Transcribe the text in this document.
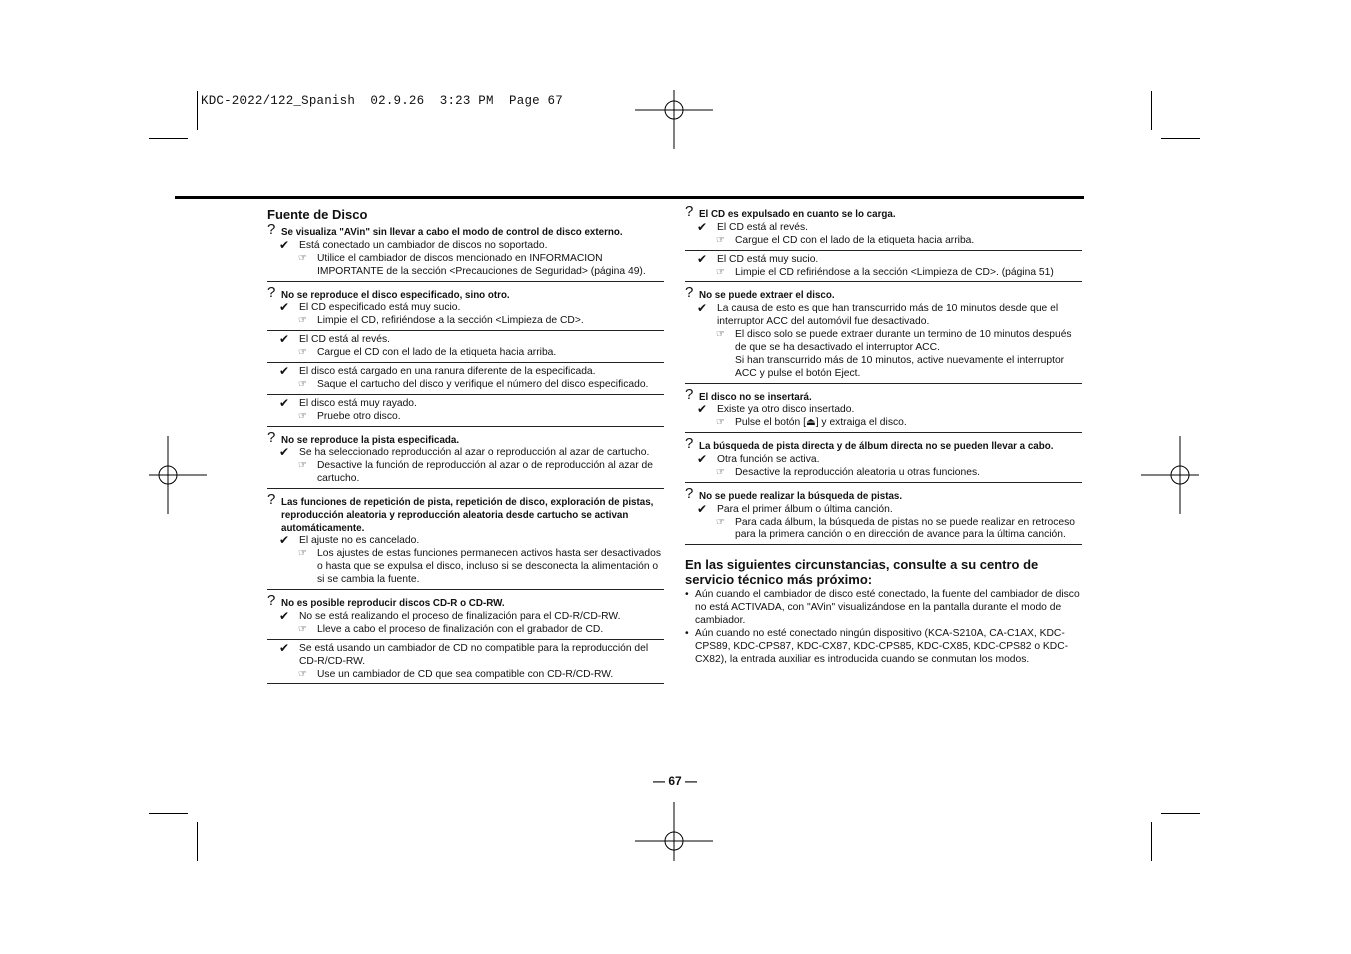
KDC-2022/122_Spanish  02.9.26  3:23 PM  Page 67
Fuente de Disco
? Se visualiza "AVin" sin llevar a cabo el modo de control de disco externo.
✔ Está conectado un cambiador de discos no soportado.
☞ Utilice el cambiador de discos mencionado en INFORMACION IMPORTANTE de la sección <Precauciones de Seguridad> (página 49).
? No se reproduce el disco especificado, sino otro.
✔ El CD especificado está muy sucio.
☞ Limpie el CD, refiriéndose a la sección <Limpieza de CD>.
✔ El CD está al revés.
☞ Cargue el CD con el lado de la etiqueta hacia arriba.
✔ El disco está cargado en una ranura diferente de la especificada.
☞ Saque el cartucho del disco y verifique el número del disco especificado.
✔ El disco está muy rayado.
☞ Pruebe otro disco.
? No se reproduce la pista especificada.
✔ Se ha seleccionado reproducción al azar o reproducción al azar de cartucho.
☞ Desactive la función de reproducción al azar o de reproducción al azar de cartucho.
? Las funciones de repetición de pista, repetición de disco, exploración de pistas, reproducción aleatoria y reproducción aleatoria desde cartucho se activan automáticamente.
✔ El ajuste no es cancelado.
☞ Los ajustes de estas funciones permanecen activos hasta ser desactivados o hasta que se expulsa el disco, incluso si se desconecta la alimentación o si se cambia la fuente.
? No es posible reproducir discos CD-R o CD-RW.
✔ No se está realizando el proceso de finalización para el CD-R/CD-RW.
☞ Lleve a cabo el proceso de finalización con el grabador de CD.
✔ Se está usando un cambiador de CD no compatible para la reproducción del CD-R/CD-RW.
☞ Use un cambiador de CD que sea compatible con CD-R/CD-RW.
? El CD es expulsado en cuanto se lo carga.
✔ El CD está al revés.
☞ Cargue el CD con el lado de la etiqueta hacia arriba.
✔ El CD está muy sucio.
☞ Limpie el CD refiriéndose a la sección <Limpieza de CD>. (página 51)
? No se puede extraer el disco.
✔ La causa de esto es que han transcurrido más de 10 minutos desde que el interruptor ACC del automóvil fue desactivado.
☞ El disco solo se puede extraer durante un termino de 10 minutos después de que se ha desactivado el interruptor ACC.
Si han transcurrido más de 10 minutos, active nuevamente el interruptor ACC y pulse el botón Eject.
? El disco no se insertará.
✔ Existe ya otro disco insertado.
☞ Pulse el botón [⏏] y extraiga el disco.
? La búsqueda de pista directa y de álbum directa no se pueden llevar a cabo.
✔ Otra función se activa.
☞ Desactive la reproducción aleatoria u otras funciones.
? No se puede realizar la búsqueda de pistas.
✔ Para el primer álbum o última canción.
☞ Para cada álbum, la búsqueda de pistas no se puede realizar en retroceso para la primera canción o en dirección de avance para la última canción.
En las siguientes circunstancias, consulte a su centro de servicio técnico más próximo:
• Aún cuando el cambiador de disco esté conectado, la fuente del cambiador de disco no está ACTIVADA, con "AVin" visualizándose en la pantalla durante el modo de cambiador.
• Aún cuando no esté conectado ningún dispositivo (KCA-S210A, CA-C1AX, KDC-CPS89, KDC-CPS87, KDC-CX87, KDC-CPS85, KDC-CX85, KDC-CPS82 o KDC-CX82), la entrada auxiliar es introducida cuando se conmutan los modos.
— 67 —
